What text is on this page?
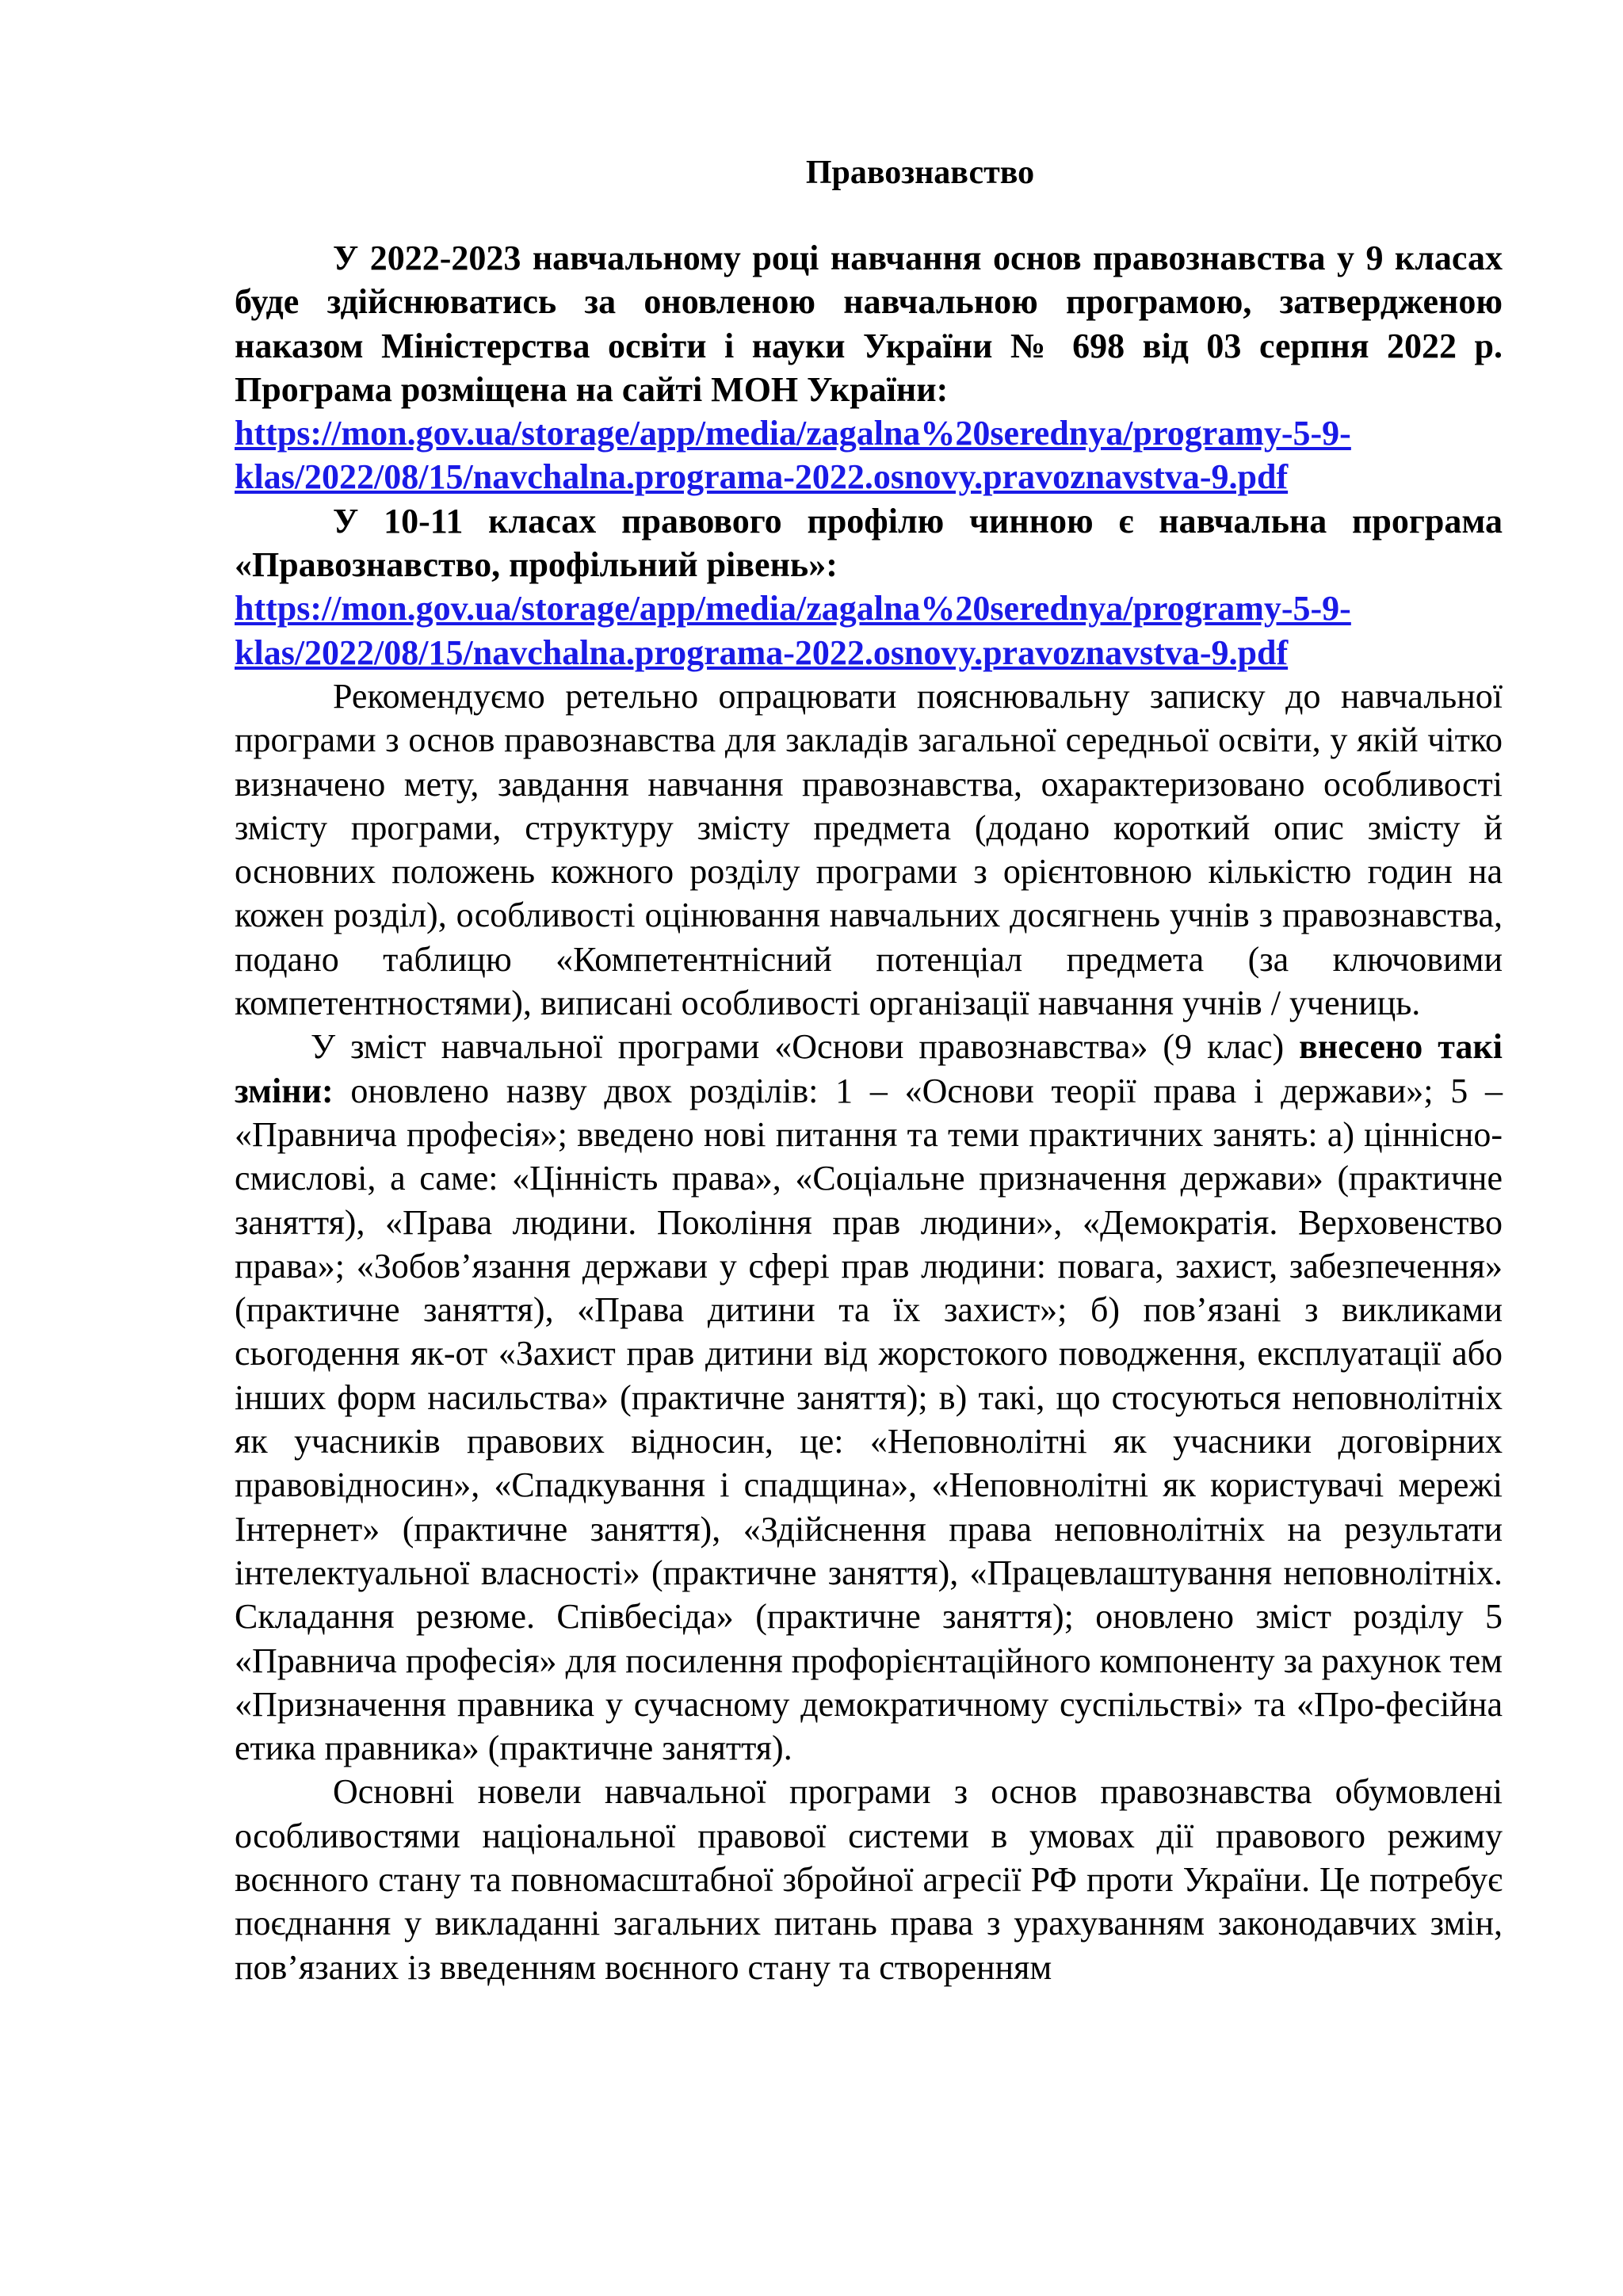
Правознавство

У 2022-2023 навчальному році навчання основ правознавства у 9 класах буде здійснюватись за оновленою навчальною програмою, затвердженою наказом Міністерства освіти і науки України № 698 від 03 серпня 2022 р. Програма розміщена на сайті МОН України:
https://mon.gov.ua/storage/app/media/zagalna%20serednya/programy-5-9-
klas/2022/08/15/navchalna.programa-2022.osnovy.pravoznavstva-9.pdf

У 10-11 класах правового профілю чинною є навчальна програма «Правознавство, профільний рівень»:
https://mon.gov.ua/storage/app/media/zagalna%20serednya/programy-5-9-
klas/2022/08/15/navchalna.programa-2022.osnovy.pravoznavstva-9.pdf

Рекомендуємо ретельно опрацювати пояснювальну записку до навчальної програми з основ правознавства для закладів загальної середньої освіти, у якій чітко визначено мету, завдання навчання правознавства, охарактеризовано особливості змісту програми, структуру змісту предмета (додано короткий опис змісту й основних положень кожного розділу програми з орієнтовною кількістю годин на кожен розділ), особливості оцінювання навчальних досягнень учнів з правознавства, подано таблицю «Компетентнісний потенціал предмета (за ключовими компетентностями), виписані особливості організації навчання учнів / учениць.

У зміст навчальної програми «Основи правознавства» (9 клас) внесено такі зміни: оновлено назву двох розділів: 1 – «Основи теорії права і держави»; 5 – «Правнича професія»; введено нові питання та теми практичних занять: а) ціннісно-смислові, а саме: «Цінність права», «Соціальне призначення держави» (практичне заняття), «Права людини. Покоління прав людини», «Демократія. Верховенство права»; «Зобов’язання держави у сфері прав людини: повага, захист, забезпечення» (практичне заняття), «Права дитини та їх захист»; б) пов’язані з викликами сьогодення як-от «Захист прав дитини від жорстокого поводження, експлуатації або інших форм насильства» (практичне заняття); в) такі, що стосуються неповнолітніх як учасників правових відносин, це: «Неповнолітні як учасники договірних правовідносин», «Спадкування і спадщина», «Неповнолітні як користувачі мережі Інтернет» (практичне заняття), «Здійснення права неповнолітніх на результати інтелектуальної власності» (практичне заняття), «Працевлаштування неповнолітніх. Складання резюме. Співбесіда» (практичне заняття); оновлено зміст розділу 5 «Правнича професія» для посилення профорієнтаційного компоненту за рахунок тем «Призначення правника у сучасному демократичному суспільстві» та «Про-фесійна етика правника» (практичне заняття).

Основні новели навчальної програми з основ правознавства обумовлені особливостями національної правової системи в умовах дії правового режиму воєнного стану та повномасштабної збройної агресії РФ проти України. Це потребує поєднання у викладанні загальних питань права з урахуванням законодавчих змін, пов’язаних із введенням воєнного стану та створенням
